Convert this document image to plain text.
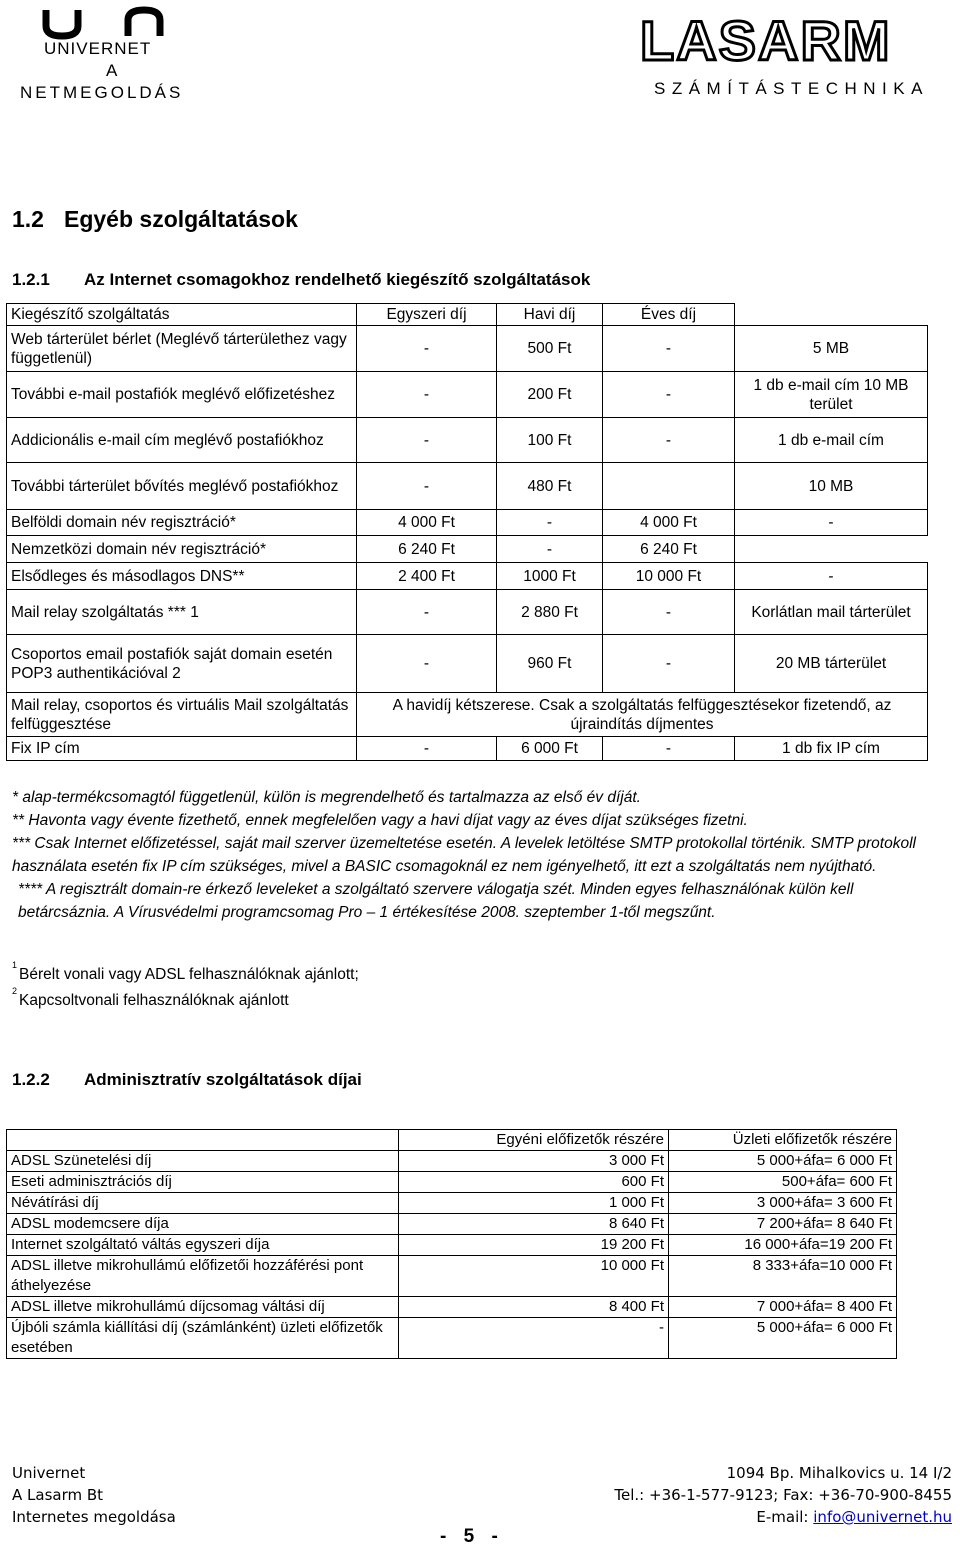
UNIVERNET
A
NETMEGOLDÁS
LASARM
SZÁMÍTÁSTECHNIKA
1.2 Egyéb szolgáltatások
1.2.1 Az Internet csomagokhoz rendelhető kiegészítő szolgáltatások
Kiegészítő szolgáltatás	Egyszeri díj	Havi díj	Éves díj	
Web tárterület bérlet (Meglévő tárterülethez vagy függetlenül)	-	500 Ft	-	5 MB
További e-mail postafiók meglévő előfizetéshez	-	200 Ft	-	1 db e-mail cím 10 MB terület
Addicionális e-mail cím meglévő postafiókhoz	-	100 Ft	-	1 db e-mail cím
További tárterület bővítés meglévő postafiókhoz	-	480 Ft		10 MB
Belföldi domain név regisztráció*	4 000 Ft	-	4 000 Ft	-
Nemzetközi domain név regisztráció*	6 240 Ft	-	6 240 Ft	
Elsődleges és másodlagos DNS**	2 400 Ft	1000 Ft	10 000 Ft	-
Mail relay szolgáltatás *** 1	-	2 880 Ft	-	Korlátlan mail tárterület
Csoportos email postafiók saját domain esetén POP3 authentikációval 2	-	960 Ft	-	20 MB tárterület
Mail relay, csoportos és virtuális Mail szolgáltatás felfüggesztése	A havidíj kétszerese. Csak a szolgáltatás felfüggesztésekor fizetendő, az újraindítás díjmentes			
Fix IP cím	-	6 000 Ft	-	1 db fix IP cím

* alap-termékcsomagtól függetlenül, külön is megrendelhető és tartalmazza az első év díját.

** Havonta vagy évente fizethető, ennek megfelelően vagy a havi díjat vagy az éves díjat szükséges fizetni.

*** Csak Internet előfizetéssel, saját mail szerver üzemeltetése esetén. A levelek letöltése SMTP protokollal történik. SMTP protokoll használata esetén fix IP cím szükséges, mivel a BASIC csomagoknál ez nem igényelhető, itt ezt a szolgáltatás nem nyújtható.

**** A regisztrált domain-re érkező leveleket a szolgáltató szervere válogatja szét. Minden egyes felhasználónak külön kell betárcsáznia. A Vírusvédelmi programcsomag Pro – 1 értékesítése 2008. szeptember 1-től megszűnt.

$^1$Bérelt vonali vagy ADSL felhasználóknak ajánlott;
$^2$Kapcsoltvonali felhasználóknak ajánlott
1.2.2 Adminisztratív szolgáltatások díjai
	Egyéni előfizetők részére	Üzleti előfizetők részére
ADSL Szünetelési díj	3 000 Ft	5 000+áfa= 6 000 Ft
Eseti adminisztrációs díj	600 Ft	500+áfa= 600 Ft
Névátírási díj	1 000 Ft	3 000+áfa= 3 600 Ft
ADSL modemcsere díja	8 640 Ft	7 200+áfa= 8 640 Ft
Internet szolgáltató váltás egyszeri díja	19 200 Ft	16 000+áfa=19 200 Ft
ADSL illetve mikrohullámú előfizetői hozzáférési pont áthelyezése	10 000 Ft	8 333+áfa=10 000 Ft
ADSL illetve mikrohullámú díjcsomag váltási díj	8 400 Ft	7 000+áfa= 8 400 Ft
Újbóli számla kiállítási díj (számlánként) üzleti előfizetők esetében	-	5 000+áfa= 6 000 Ft
Univernet
A Lasarm Bt
Internetes megoldása
1094 Bp. Mihalkovics u. 14 I/2
Tel.: +36-1-577-9123; Fax: +36-70-900-8455
E-mail: info@univernet.hu
- 5 -
